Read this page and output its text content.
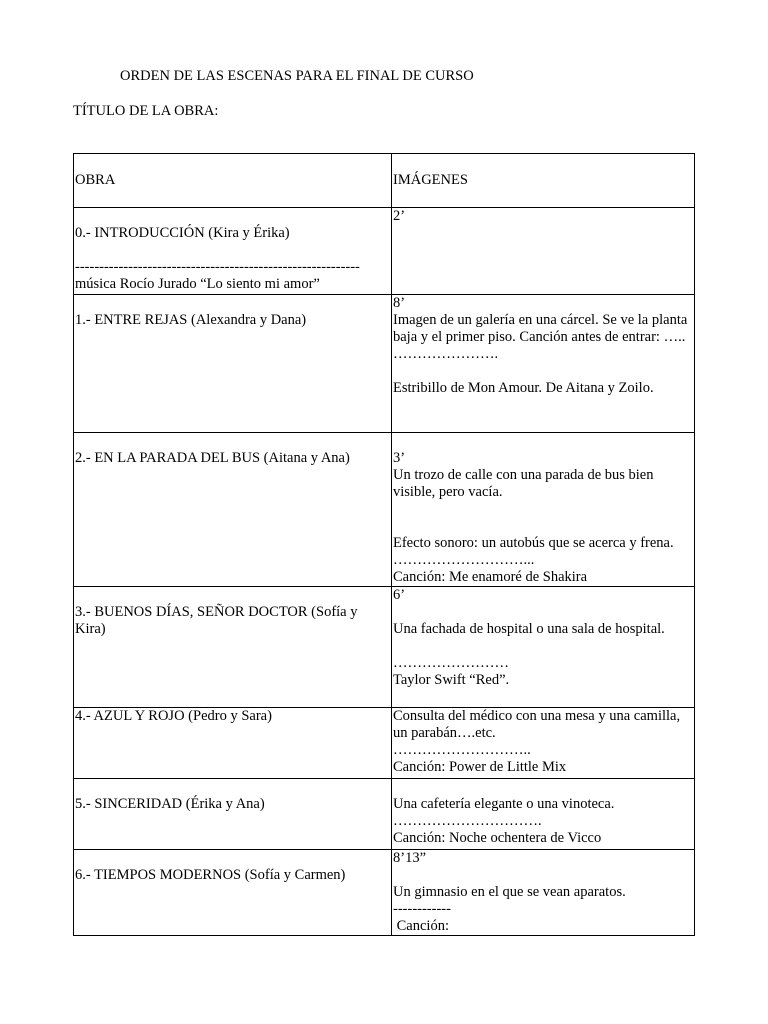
ORDEN DE LAS ESCENAS PARA EL FINAL DE CURSO
TÍTULO DE LA OBRA:
OBRA	IMÁGENES

0.- INTRODUCCIÓN (Kira y Érika)
-----------------------------------------------------------
música Rocío Jurado “Lo siento mi amor”	2’

1.- ENTRE REJAS (Alexandra y Dana)	8’
Imagen de un galería en una cárcel. Se ve la planta baja y el primer piso. Canción antes de entrar: …..
………………….
Estribillo de Mon Amour. De Aitana y Zoilo.

2.- EN LA PARADA DEL BUS (Aitana y Ana)	3’
Un trozo de calle con una parada de bus bien visible, pero vacía.
Efecto sonoro: un autobús que se acerca y frena.
………………………...
Canción: Me enamoré de Shakira

3.- BUENOS DÍAS, SEÑOR DOCTOR (Sofía y Kira)	6’
Una fachada de hospital o una sala de hospital.
……………………
Taylor Swift “Red”.

4.- AZUL Y ROJO (Pedro y Sara)	Consulta del médico con una mesa y una camilla, un parabán….etc.
………………………..
Canción: Power de Little Mix

5.- SINCERIDAD (Érika y Ana)	Una cafetería elegante o una vinoteca.
………………………….
Canción: Noche ochentera de Vicco

6.- TIEMPOS MODERNOS (Sofía y Carmen)	8’13”
Un gimnasio en el que se vean aparatos.
------------
Canción:
